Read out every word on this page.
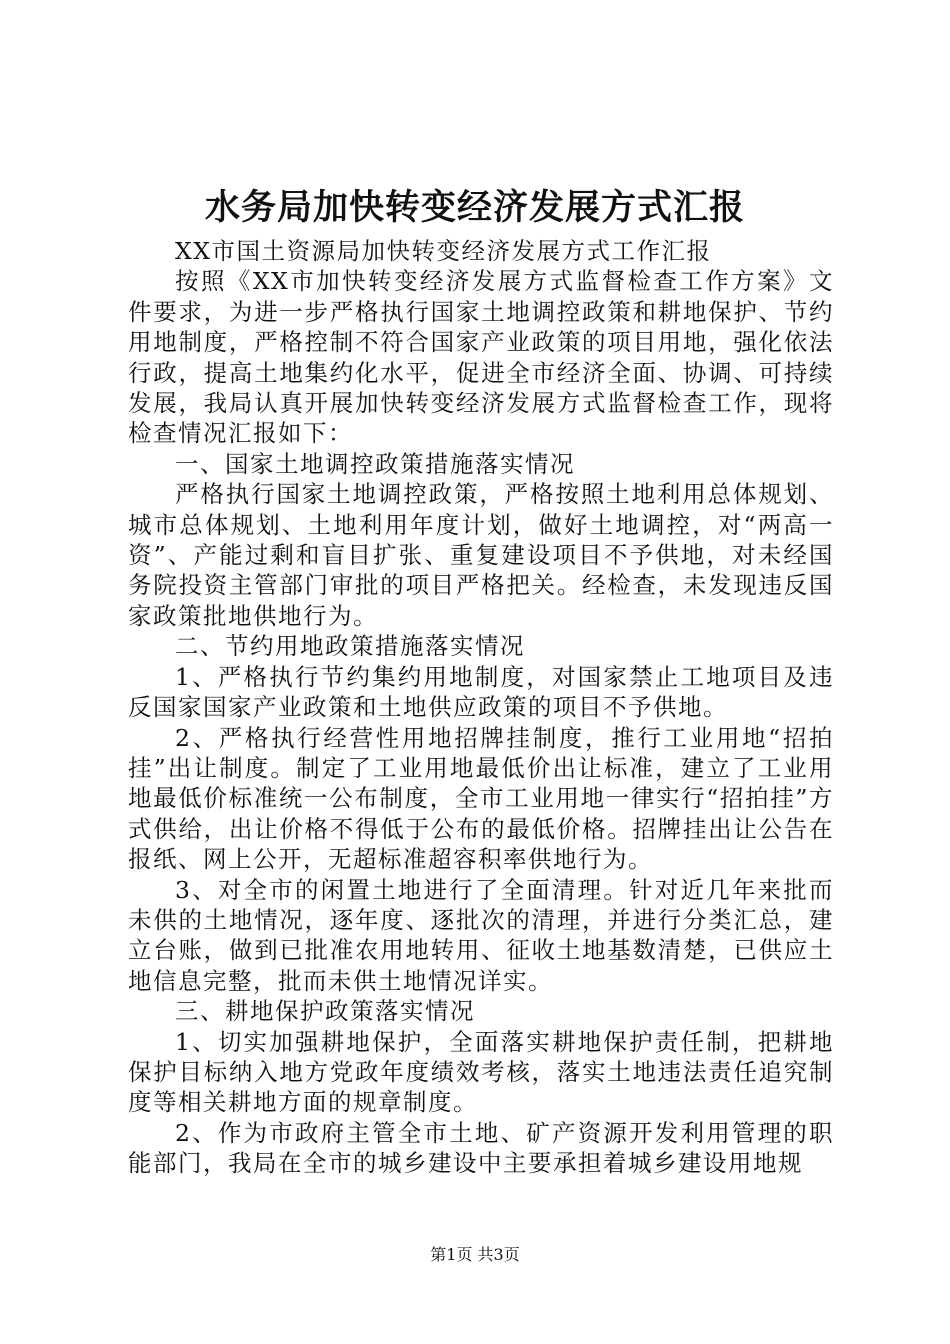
水务局加快转变经济发展方式汇报

XX市国土资源局加快转变经济发展方式工作汇报

按照《XX市加快转变经济发展方式监督检查工作方案》文件要求，为进一步严格执行国家土地调控政策和耕地保护、节约用地制度，严格控制不符合国家产业政策的项目用地，强化依法行政，提高土地集约化水平，促进全市经济全面、协调、可持续发展，我局认真开展加快转变经济发展方式监督检查工作，现将检查情况汇报如下：

一、国家土地调控政策措施落实情况

严格执行国家土地调控政策，严格按照土地利用总体规划、城市总体规划、土地利用年度计划，做好土地调控，对“两高一资”、产能过剩和盲目扩张、重复建设项目不予供地，对未经国务院投资主管部门审批的项目严格把关。经检查，未发现违反国家政策批地供地行为。

二、节约用地政策措施落实情况

1、严格执行节约集约用地制度，对国家禁止工地项目及违反国家国家产业政策和土地供应政策的项目不予供地。

2、严格执行经营性用地招牌挂制度，推行工业用地“招拍挂”出让制度。制定了工业用地最低价出让标准，建立了工业用地最低价标准统一公布制度，全市工业用地一律实行“招拍挂”方式供给，出让价格不得低于公布的最低价格。招牌挂出让公告在报纸、网上公开，无超标准超容积率供地行为。

3、对全市的闲置土地进行了全面清理。针对近几年来批而未供的土地情况，逐年度、逐批次的清理，并进行分类汇总，建立台账，做到已批准农用地转用、征收土地基数清楚，已供应土地信息完整，批而未供土地情况详实。

三、耕地保护政策落实情况

1、切实加强耕地保护，全面落实耕地保护责任制，把耕地保护目标纳入地方党政年度绩效考核，落实土地违法责任追究制度等相关耕地方面的规章制度。

2、作为市政府主管全市土地、矿产资源开发利用管理的职能部门，我局在全市的城乡建设中主要承担着城乡建设用地规

第1页 共3页
